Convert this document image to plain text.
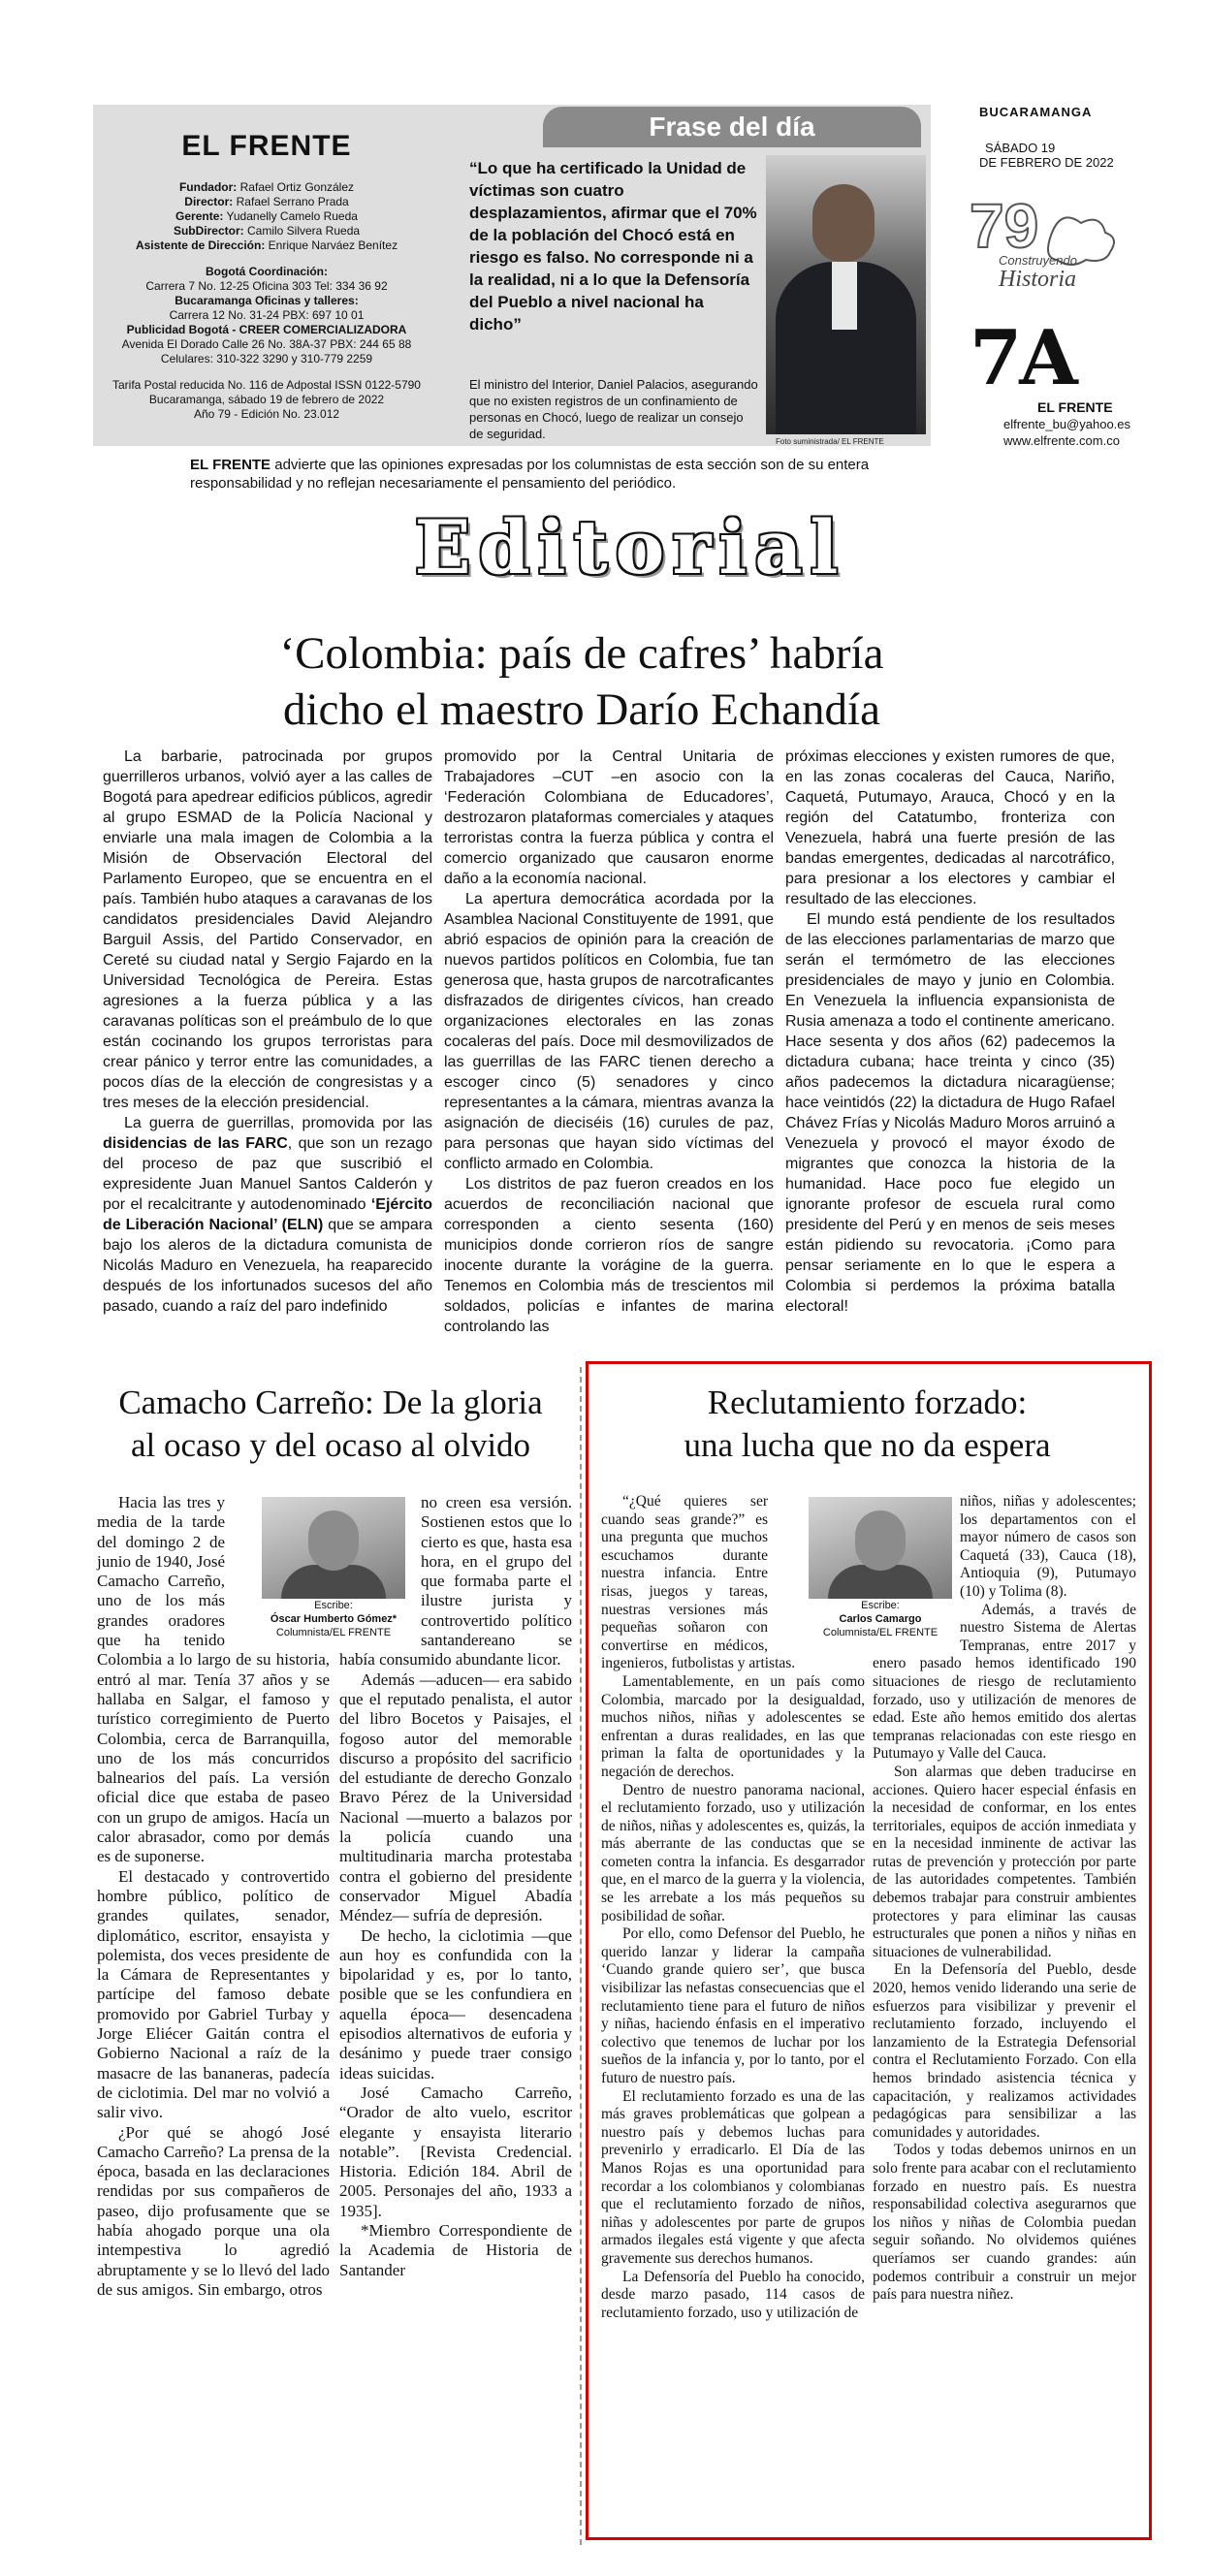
EL FRENTE
Fundador: Rafael Ortiz González
Director: Rafael Serrano Prada
Gerente: Yudanelly Camelo Rueda
SubDirector: Camilo Silvera Rueda
Asistente de Dirección: Enrique Narváez Benítez
Bogotá Coordinación:
Carrera 7 No. 12-25 Oficina 303 Tel: 334 36 92
Bucaramanga Oficinas y talleres:
Carrera 12 No. 31-24 PBX: 697 10 01
Publicidad Bogotá - CREER COMERCIALIZADORA
Avenida El Dorado Calle 26 No. 38A-37 PBX: 244 65 88
Celulares: 310-322 3290 y 310-779 2259
Tarifa Postal reducida No. 116 de Adpostal ISSN 0122-5790
Bucaramanga, sábado 19 de febrero de 2022
Año 79 - Edición No. 23.012
Frase del día
“Lo que ha certificado la Unidad de víctimas son cuatro desplazamientos, afirmar que el 70% de la población del Chocó está en riesgo es falso. No corresponde ni a la realidad, ni a lo que la Defensoría del Pueblo a nivel nacional ha dicho”
El ministro del Interior, Daniel Palacios, asegurando que no existen registros de un confinamiento de personas en Chocó, luego de realizar un consejo de seguridad.
Foto suministrada/ EL FRENTE
BUCARAMANGA
SÁBADO 19
DE FEBRERO DE 2022
79
Construyendo
Historia
7A
EL FRENTE
elfrente_bu@yahoo.es
www.elfrente.com.co
EL FRENTE advierte que las opiniones expresadas por los columnistas de esta sección son de su entera responsabilidad y no reflejan necesariamente el pensamiento del periódico.
Editorial
‘Colombia: país de cafres’ habría
dicho el maestro Darío Echandía

La barbarie, patrocinada por grupos guerrilleros urbanos, volvió ayer a las calles de Bogotá para apedrear edificios públicos, agredir al grupo ESMAD de la Policía Nacional y enviarle una mala imagen de Colombia a la Misión de Observación Electoral del Parlamento Europeo, que se encuentra en el país. También hubo ataques a caravanas de los candidatos presidenciales David Alejandro Barguil Assis, del Partido Conservador, en Cereté su ciudad natal y Sergio Fajardo en la Universidad Tecnológica de Pereira. Estas agresiones a la fuerza pública y a las caravanas políticas son el preámbulo de lo que están cocinando los grupos terroristas para crear pánico y terror entre las comunidades, a pocos días de la elección de congresistas y a tres meses de la elección presidencial.

La guerra de guerrillas, promovida por las disidencias de las FARC, que son un rezago del proceso de paz que suscribió el expresidente Juan Manuel Santos Calderón y por el recalcitrante y autodenominado ‘Ejército de Liberación Nacional’ (ELN) que se ampara bajo los aleros de la dictadura comunista de Nicolás Maduro en Venezuela, ha reaparecido después de los infortunados sucesos del año pasado, cuando a raíz del paro indefinido

promovido por la Central Unitaria de Trabajadores –CUT –en asocio con la ‘Federación Colombiana de Educadores’, destrozaron plataformas comerciales y ataques terroristas contra la fuerza pública y contra el comercio organizado que causaron enorme daño a la economía nacional.

La apertura democrática acordada por la Asamblea Nacional Constituyente de 1991, que abrió espacios de opinión para la creación de nuevos partidos políticos en Colombia, fue tan generosa que, hasta grupos de narcotraficantes disfrazados de dirigentes cívicos, han creado organizaciones electorales en las zonas cocaleras del país. Doce mil desmovilizados de las guerrillas de las FARC tienen derecho a escoger cinco (5) senadores y cinco representantes a la cámara, mientras avanza la asignación de dieciséis (16) curules de paz, para personas que hayan sido víctimas del conflicto armado en Colombia.

Los distritos de paz fueron creados en los acuerdos de reconciliación nacional que corresponden a ciento sesenta (160) municipios donde corrieron ríos de sangre inocente durante la vorágine de la guerra. Tenemos en Colombia más de trescientos mil soldados, policías e infantes de marina controlando las

próximas elecciones y existen rumores de que, en las zonas cocaleras del Cauca, Nariño, Caquetá, Putumayo, Arauca, Chocó y en la región del Catatumbo, fronteriza con Venezuela, habrá una fuerte presión de las bandas emergentes, dedicadas al narcotráfico, para presionar a los electores y cambiar el resultado de las elecciones.

El mundo está pendiente de los resultados de las elecciones parlamentarias de marzo que serán el termómetro de las elecciones presidenciales de mayo y junio en Colombia. En Venezuela la influencia expansionista de Rusia amenaza a todo el continente americano. Hace sesenta y dos años (62) padecemos la dictadura cubana; hace treinta y cinco (35) años padecemos la dictadura nicaragüense; hace veintidós (22) la dictadura de Hugo Rafael Chávez Frías y Nicolás Maduro Moros arruinó a Venezuela y provocó el mayor éxodo de migrantes que conozca la historia de la humanidad. Hace poco fue elegido un ignorante profesor de escuela rural como presidente del Perú y en menos de seis meses están pidiendo su revocatoria. ¡Como para pensar seriamente en lo que le espera a Colombia si perdemos la próxima batalla electoral!

Camacho Carreño: De la gloria
al ocaso y del ocaso al olvido
Escribe:
Óscar Humberto Gómez*
Columnista/EL FRENTE

Hacia las tres y media de la tarde del domingo 2 de junio de 1940, José Camacho Carreño, uno de los más grandes oradores que ha tenido Colombia a lo largo de su historia, entró al mar. Tenía 37 años y se hallaba en Salgar, el famoso y turístico corregimiento de Puerto Colombia, cerca de Barranquilla, uno de los más concurridos balnearios del país. La versión oficial dice que estaba de paseo con un grupo de amigos. Hacía un calor abrasador, como por demás es de suponerse.

El destacado y controvertido hombre público, político de grandes quilates, senador, diplomático, escritor, ensayista y polemista, dos veces presidente de la Cámara de Representantes y partícipe del famoso debate promovido por Gabriel Turbay y Jorge Eliécer Gaitán contra el Gobierno Nacional a raíz de la masacre de las bananeras, padecía de ciclotimia. Del mar no volvió a salir vivo.

¿Por qué se ahogó José Camacho Carreño? La prensa de la época, basada en las declaraciones rendidas por sus compañeros de paseo, dijo profusamente que se había ahogado porque una ola intempestiva lo agredió abruptamente y se lo llevó del lado de sus amigos. Sin embargo, otros

no creen esa versión. Sostienen estos que lo cierto es que, hasta esa hora, en el grupo del que formaba parte el ilustre jurista y controvertido político santandereano se había consumido abundante licor.

Además —aducen— era sabido que el reputado penalista, el autor del libro Bocetos y Paisajes, el fogoso autor del memorable discurso a propósito del sacrificio del estudiante de derecho Gonzalo Bravo Pérez de la Universidad Nacional —muerto a balazos por la policía cuando una multitudinaria marcha protestaba contra el gobierno del presidente conservador Miguel Abadía Méndez— sufría de depresión.

De hecho, la ciclotimia —que aun hoy es confundida con la bipolaridad y es, por lo tanto, posible que se les confundiera en aquella época— desencadena episodios alternativos de euforia y desánimo y puede traer consigo ideas suicidas.

José Camacho Carreño, “Orador de alto vuelo, escritor elegante y ensayista literario notable”. [Revista Credencial. Historia. Edición 184. Abril de 2005. Personajes del año, 1933 a 1935].

*Miembro Correspondiente de la Academia de Historia de Santander

Reclutamiento forzado:
una lucha que no da espera
Escribe:
Carlos Camargo
Columnista/EL FRENTE

“¿Qué quieres ser cuando seas grande?” es una pregunta que muchos escuchamos durante nuestra infancia. Entre risas, juegos y tareas, nuestras versiones más pequeñas soñaron con convertirse en médicos, ingenieros, futbolistas y artistas.

Lamentablemente, en un país como Colombia, marcado por la desigualdad, muchos niños, niñas y adolescentes se enfrentan a duras realidades, en las que priman la falta de oportunidades y la negación de derechos.

Dentro de nuestro panorama nacional, el reclutamiento forzado, uso y utilización de niños, niñas y adolescentes es, quizás, la más aberrante de las conductas que se cometen contra la infancia. Es desgarrador que, en el marco de la guerra y la violencia, se les arrebate a los más pequeños su posibilidad de soñar.

Por ello, como Defensor del Pueblo, he querido lanzar y liderar la campaña ‘Cuando grande quiero ser’, que busca visibilizar las nefastas consecuencias que el reclutamiento tiene para el futuro de niños y niñas, haciendo énfasis en el imperativo colectivo que tenemos de luchar por los sueños de la infancia y, por lo tanto, por el futuro de nuestro país.

El reclutamiento forzado es una de las más graves problemáticas que golpean a nuestro país y debemos luchas para prevenirlo y erradicarlo. El Día de las Manos Rojas es una oportunidad para recordar a los colombianos y colombianas que el reclutamiento forzado de niños, niñas y adolescentes por parte de grupos armados ilegales está vigente y que afecta gravemente sus derechos humanos.

La Defensoría del Pueblo ha conocido, desde marzo pasado, 114 casos de reclutamiento forzado, uso y utilización de

niños, niñas y adolescentes; los departamentos con el mayor número de casos son Caquetá (33), Cauca (18), Antioquia (9), Putumayo (10) y Tolima (8).

Además, a través de nuestro Sistema de Alertas Tempranas, entre 2017 y enero pasado hemos identificado 190 situaciones de riesgo de reclutamiento forzado, uso y utilización de menores de edad. Este año hemos emitido dos alertas tempranas relacionadas con este riesgo en Putumayo y Valle del Cauca.

Son alarmas que deben traducirse en acciones. Quiero hacer especial énfasis en la necesidad de conformar, en los entes territoriales, equipos de acción inmediata y en la necesidad inminente de activar las rutas de prevención y protección por parte de las autoridades competentes. También debemos trabajar para construir ambientes protectores y para eliminar las causas estructurales que ponen a niños y niñas en situaciones de vulnerabilidad.

En la Defensoría del Pueblo, desde 2020, hemos venido liderando una serie de esfuerzos para visibilizar y prevenir el reclutamiento forzado, incluyendo el lanzamiento de la Estrategia Defensorial contra el Reclutamiento Forzado. Con ella hemos brindado asistencia técnica y capacitación, y realizamos actividades pedagógicas para sensibilizar a las comunidades y autoridades.

Todos y todas debemos unirnos en un solo frente para acabar con el reclutamiento forzado en nuestro país. Es nuestra responsabilidad colectiva asegurarnos que los niños y niñas de Colombia puedan seguir soñando. No olvidemos quiénes queríamos ser cuando grandes: aún podemos contribuir a construir un mejor país para nuestra niñez.
